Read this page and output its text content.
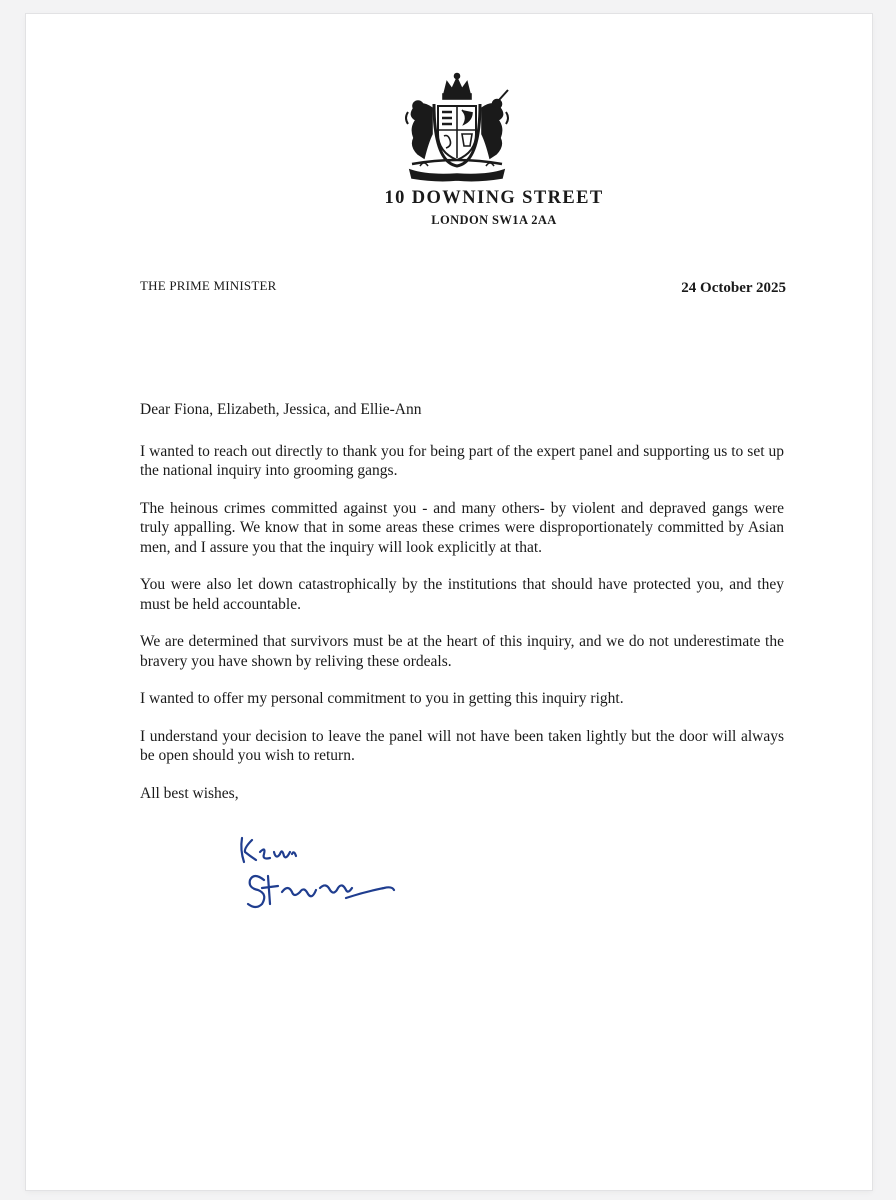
10 DOWNING STREET
LONDON SW1A 2AA
THE PRIME MINISTER	24 October 2025

Dear Fiona, Elizabeth, Jessica, and Ellie-Ann

I wanted to reach out directly to thank you for being part of the expert panel and supporting us to set up the national inquiry into grooming gangs.

The heinous crimes committed against you - and many others- by violent and depraved gangs were truly appalling. We know that in some areas these crimes were disproportionately committed by Asian men, and I assure you that the inquiry will look explicitly at that.

You were also let down catastrophically by the institutions that should have protected you, and they must be held accountable.

We are determined that survivors must be at the heart of this inquiry, and we do not underestimate the bravery you have shown by reliving these ordeals.

I wanted to offer my personal commitment to you in getting this inquiry right.

I understand your decision to leave the panel will not have been taken lightly but the door will always be open should you wish to return.

All best wishes,
